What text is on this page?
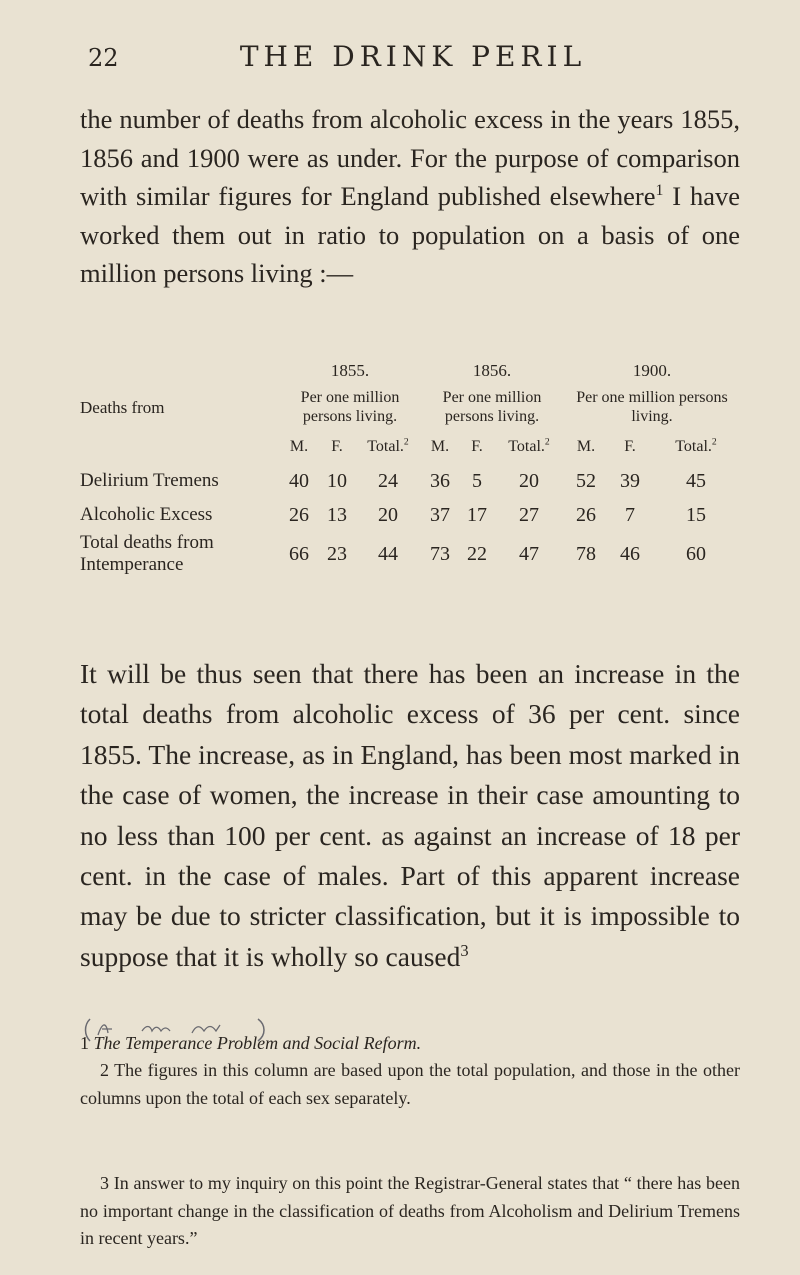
22	THE DRINK PERIL

the number of deaths from alcoholic excess in the years 1855, 1856 and 1900 were as under. For the purpose of comparison with similar figures for England published elsewhere$^1$ I have worked them out in ratio to population on a basis of one million persons living :—

	1855.			1856.			1900.		
Deaths from	Per one million persons living.			Per one million persons living.			Per one million persons living.		
	M.	F.	Total.$^2$	M.	F.	Total.$^2$	M.	F.	Total.$^2$
Delirium Tremens	40	10	24	36	5	20	52	39	45
Alcoholic Excess	26	13	20	37	17	27	26	7	15
Total deaths from Intemperance	66	23	44	73	22	47	78	46	60

It will be thus seen that there has been an increase in the total deaths from alcoholic excess of 36 per cent. since 1855. The increase, as in England, has been most marked in the case of women, the increase in their case amounting to no less than 100 per cent. as against an increase of 18 per cent. in the case of males. Part of this apparent increase may be due to stricter classification, but it is impossible to suppose that it is wholly so caused$^3$

1 The Temperance Problem and Social Reform.

2 The figures in this column are based upon the total population, and those in the other columns upon the total of each sex separately.

3 In answer to my inquiry on this point the Registrar-General states that “ there has been no important change in the classification of deaths from Alcoholism and Delirium Tremens in recent years.”
